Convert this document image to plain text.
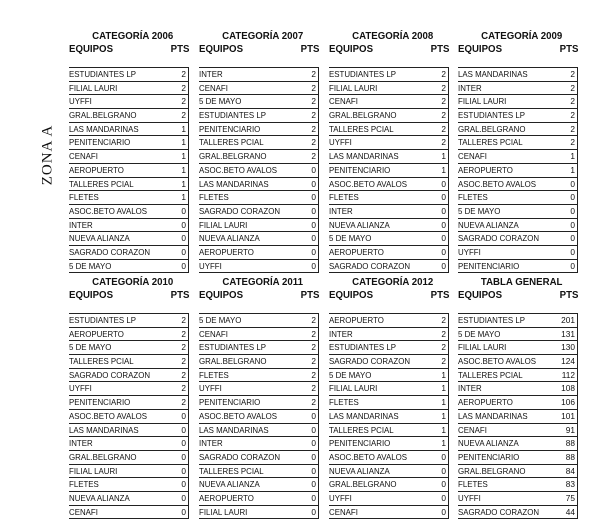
ZONA A
CATEGORÍA 2006
EQUIPOS	PTS
ESTUDIANTES LP	2
FILIAL LAURI	2
UYFFI	2
GRAL.BELGRANO	2
LAS MANDARINAS	1
PENITENCIARIO	1
CENAFI	1
AEROPUERTO	1
TALLERES PCIAL	1
FLETES	1
ASOC.BETO AVALOS	0
INTER	0
NUEVA ALIANZA	0
SAGRADO CORAZON	0
5 DE MAYO	0
CATEGORÍA 2007
EQUIPOS	PTS
INTER	2
CENAFI	2
5 DE MAYO	2
ESTUDIANTES LP	2
PENITENCIARIO	2
TALLERES PCIAL	2
GRAL.BELGRANO	2
ASOC.BETO AVALOS	0
LAS MANDARINAS	0
FLETES	0
SAGRADO CORAZON	0
FILIAL LAURI	0
NUEVA ALIANZA	0
AEROPUERTO	0
UYFFI	0
CATEGORÍA 2008
EQUIPOS	PTS
ESTUDIANTES LP	2
FILIAL LAURI	2
CENAFI	2
GRAL.BELGRANO	2
TALLERES PCIAL	2
UYFFI	2
LAS MANDARINAS	1
PENITENCIARIO	1
ASOC.BETO AVALOS	0
FLETES	0
INTER	0
NUEVA ALIANZA	0
5 DE MAYO	0
AEROPUERTO	0
SAGRADO CORAZON	0
CATEGORÍA 2009
EQUIPOS	PTS
LAS MANDARINAS	2
INTER	2
FILIAL LAURI	2
ESTUDIANTES LP	2
GRAL.BELGRANO	2
TALLERES PCIAL	2
CENAFI	1
AEROPUERTO	1
ASOC.BETO AVALOS	0
FLETES	0
5 DE MAYO	0
NUEVA ALIANZA	0
SAGRADO CORAZON	0
UYFFI	0
PENITENCIARIO	0
CATEGORÍA 2010
EQUIPOS	PTS
ESTUDIANTES LP	2
AEROPUERTO	2
5 DE MAYO	2
TALLERES PCIAL	2
SAGRADO CORAZON	2
UYFFI	2
PENITENCIARIO	2
ASOC.BETO AVALOS	0
LAS MANDARINAS	0
INTER	0
GRAL.BELGRANO	0
FILIAL LAURI	0
FLETES	0
NUEVA ALIANZA	0
CENAFI	0
CATEGORÍA 2011
EQUIPOS	PTS
5 DE MAYO	2
CENAFI	2
ESTUDIANTES LP	2
GRAL.BELGRANO	2
FLETES	2
UYFFI	2
PENITENCIARIO	2
ASOC.BETO AVALOS	0
LAS MANDARINAS	0
INTER	0
SAGRADO CORAZON	0
TALLERES PCIAL	0
NUEVA ALIANZA	0
AEROPUERTO	0
FILIAL LAURI	0
CATEGORÍA 2012
EQUIPOS	PTS
AEROPUERTO	2
INTER	2
ESTUDIANTES LP	2
SAGRADO CORAZON	2
5 DE MAYO	1
FILIAL LAURI	1
FLETES	1
LAS MANDARINAS	1
TALLERES PCIAL	1
PENITENCIARIO	1
ASOC.BETO AVALOS	0
NUEVA ALIANZA	0
GRAL.BELGRANO	0
UYFFI	0
CENAFI	0
TABLA GENERAL
EQUIPOS	PTS
ESTUDIANTES LP	201
5 DE MAYO	131
FILIAL LAURI	130
ASOC.BETO AVALOS	124
TALLERES PCIAL	112
INTER	108
AEROPUERTO	106
LAS MANDARINAS	101
CENAFI	91
NUEVA ALIANZA	88
PENITENCIARIO	88
GRAL.BELGRANO	84
FLETES	83
UYFFI	75
SAGRADO CORAZON	44
